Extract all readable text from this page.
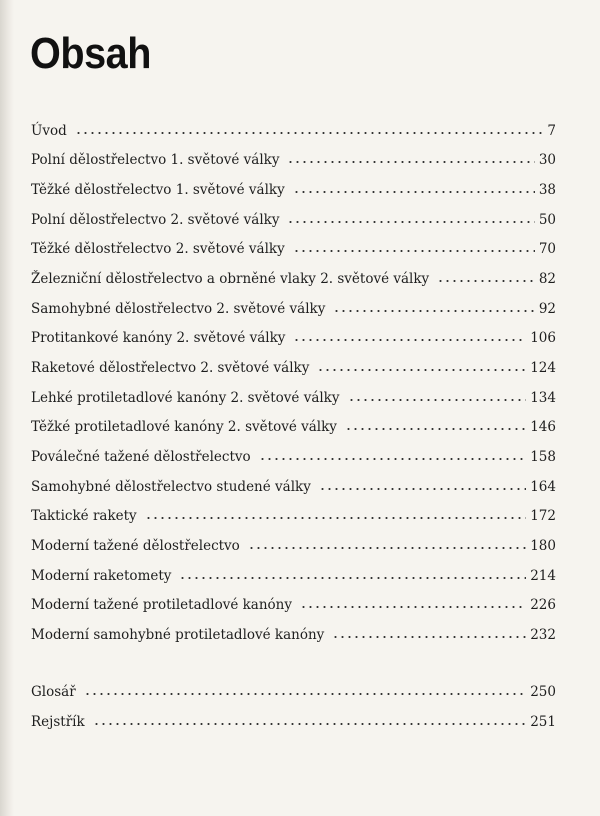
Obsah
Úvod	7
Polní dělostřelectvo 1. světové války	30
Těžké dělostřelectvo 1. světové války	38
Polní dělostřelectvo 2. světové války	50
Těžké dělostřelectvo 2. světové války	70
Železniční dělostřelectvo a obrněné vlaky 2. světové války	82
Samohybné dělostřelectvo 2. světové války	92
Protitankové kanóny 2. světové války	106
Raketové dělostřelectvo 2. světové války	124
Lehké protiletadlové kanóny 2. světové války	134
Těžké protiletadlové kanóny 2. světové války	146
Poválečné tažené dělostřelectvo	158
Samohybné dělostřelectvo studené války	164
Taktické rakety	172
Moderní tažené dělostřelectvo	180
Moderní raketomety	214
Moderní tažené protiletadlové kanóny	226
Moderní samohybné protiletadlové kanóny	232
Glosář	250
Rejstřík	251
